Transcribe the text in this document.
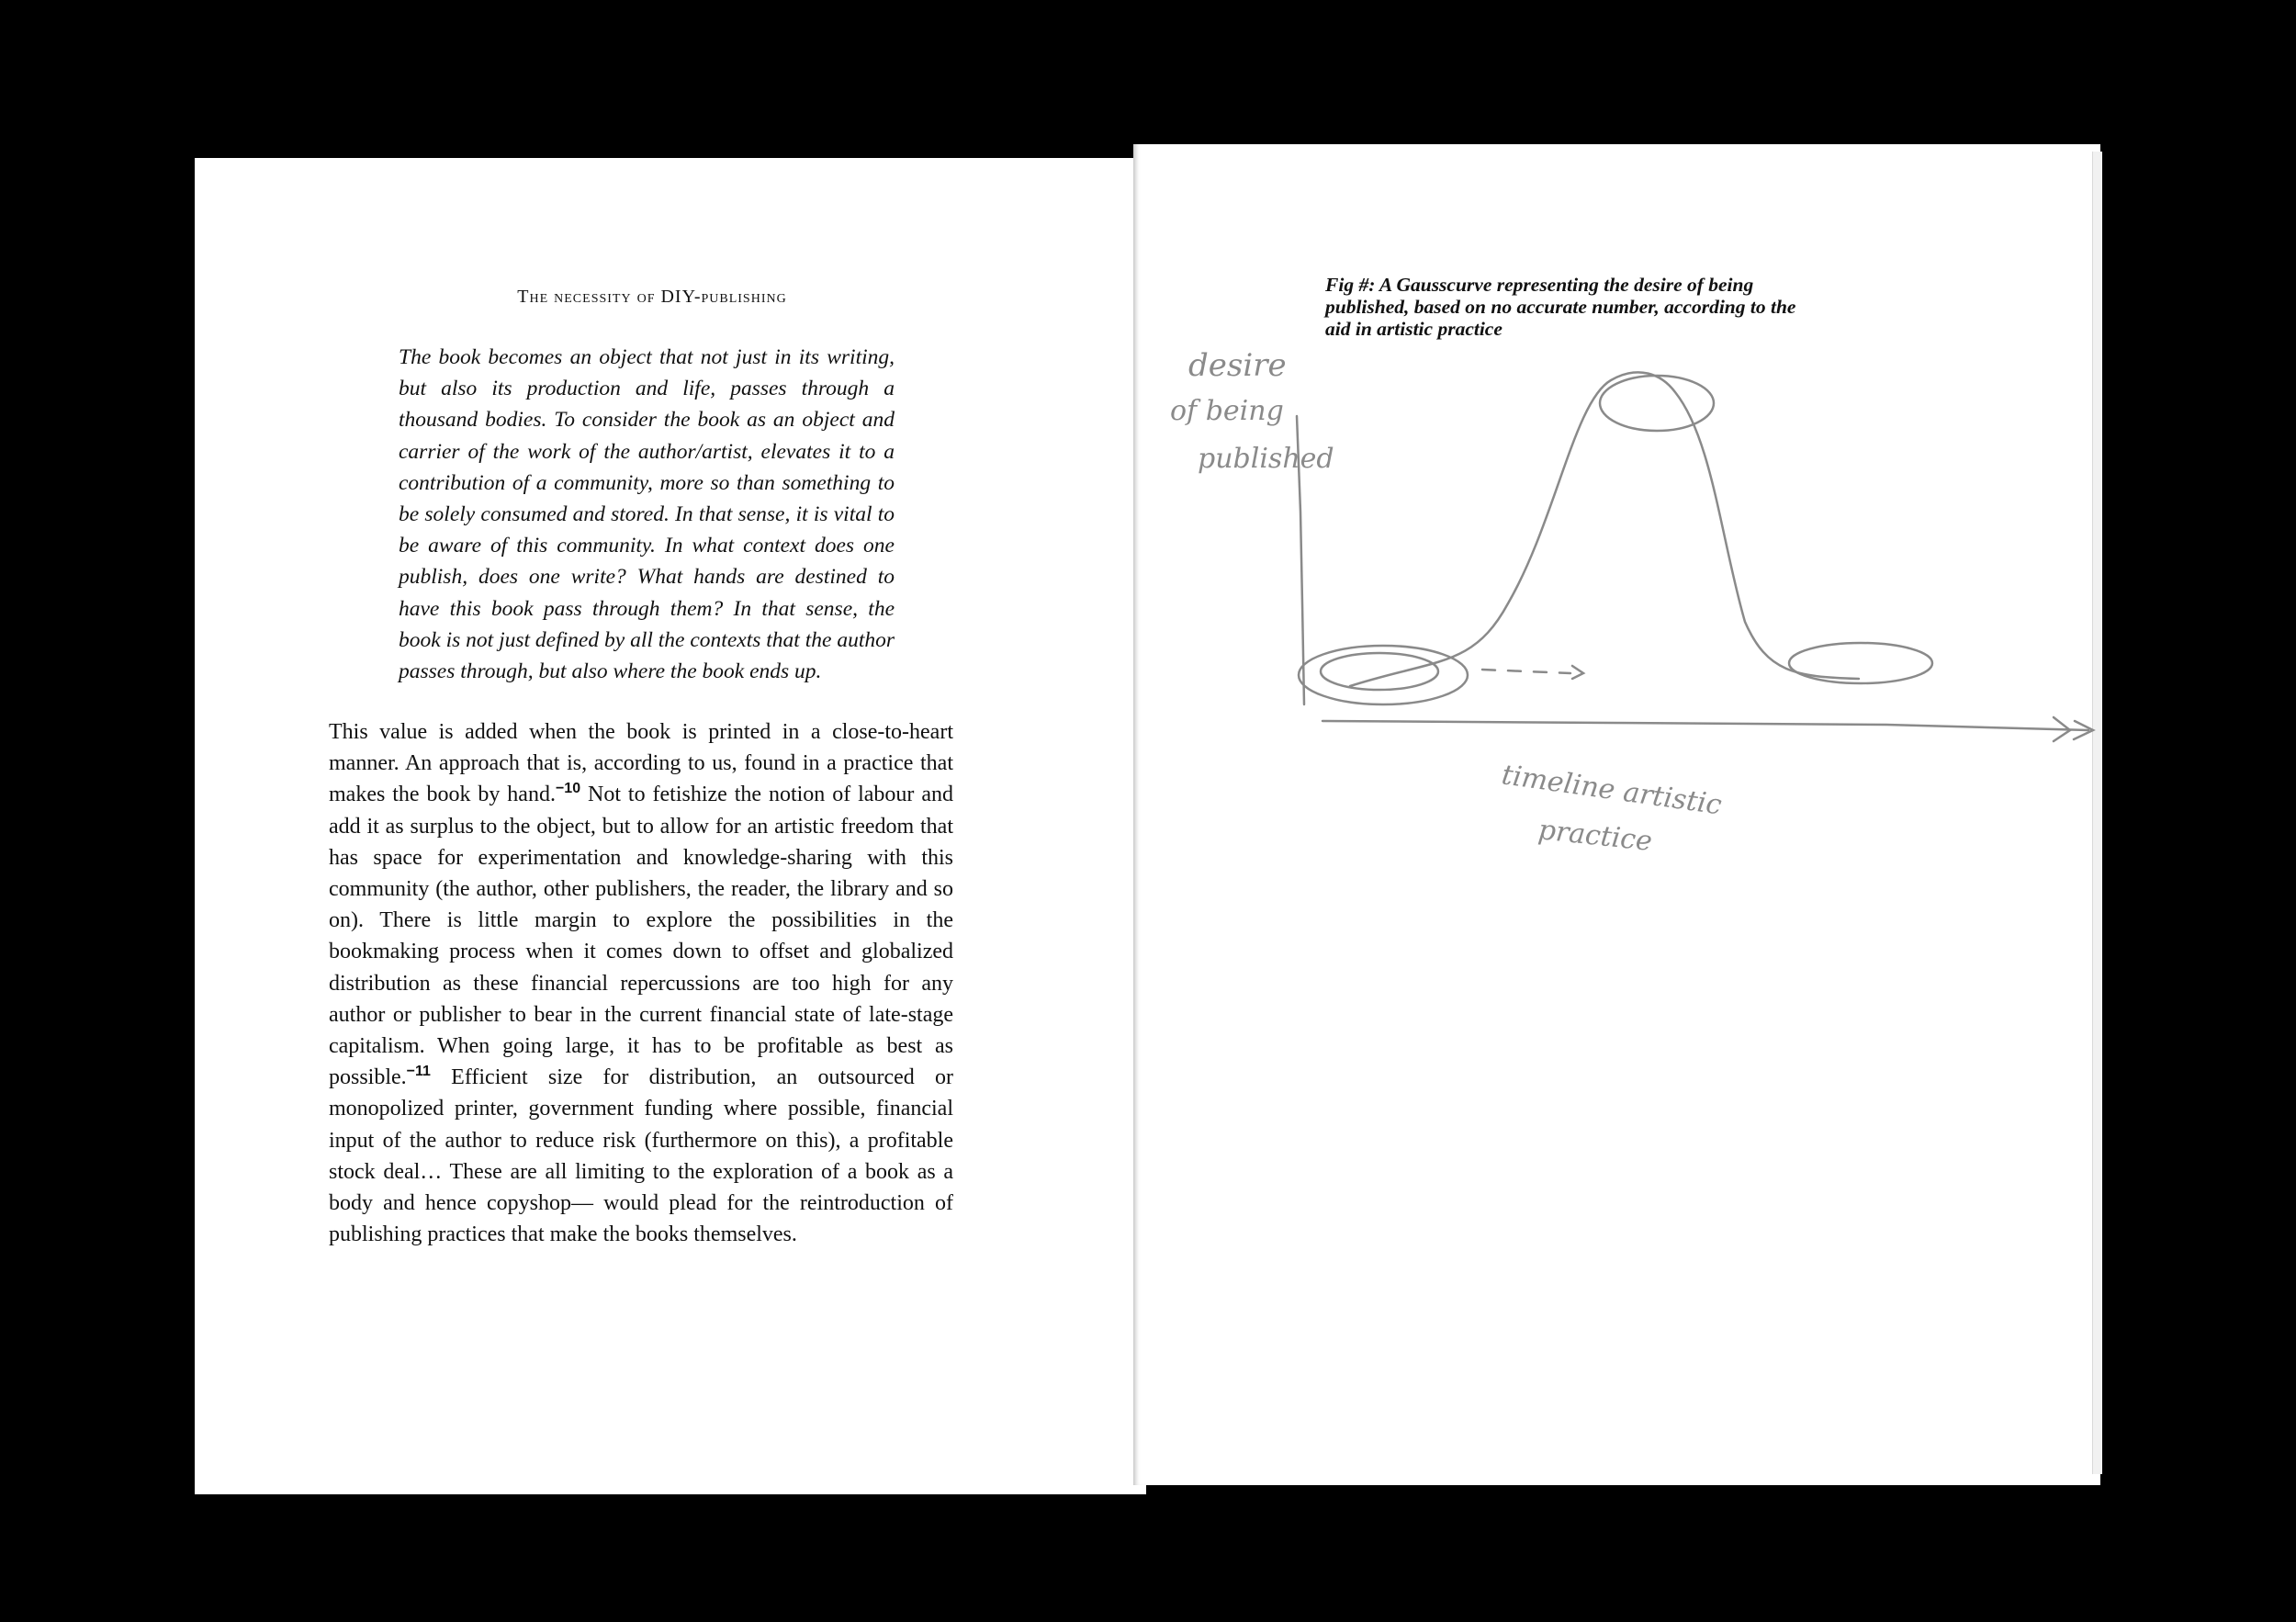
The necessity of DIY-publishing

The book becomes an object that not just in its writing, but also its production and life, passes through a thousand bodies. To consider the book as an object and carrier of the work of the author/artist, elevates it to a contribution of a community, more so than something to be solely consumed and stored. In that sense, it is vital to be aware of this community. In what context does one publish, does one write? What hands are destined to have this book pass through them? In that sense, the book is not just defined by all the contexts that the author passes through, but also where the book ends up.

This value is added when the book is printed in a close-to-heart manner. An approach that is, according to us, found in a practice that makes the book by hand.$^{-10}$ Not to fetishize the notion of labour and add it as surplus to the object, but to allow for an artistic freedom that has space for experimentation and knowledge-sharing with this community (the author, other publishers, the reader, the library and so on). There is little margin to explore the possibilities in the bookmaking process when it comes down to offset and globalized distribution as these financial repercussions are too high for any author or publisher to bear in the current financial state of late-stage capitalism. When going large, it has to be profitable as best as possible.$^{-11}$ Efficient size for distribution, an outsourced or monopolized printer, government funding where possible, financial input of the author to reduce risk (furthermore on this), a profitable stock deal… These are all limiting to the exploration of a book as a body and hence copyshop— would plead for the reintroduction of publishing practices that make the books themselves.

Fig #: A Gausscurve representing the desire of being published, based on no accurate number, according to the aid in artistic practice
desire
of being
published
timeline artistic
practice
